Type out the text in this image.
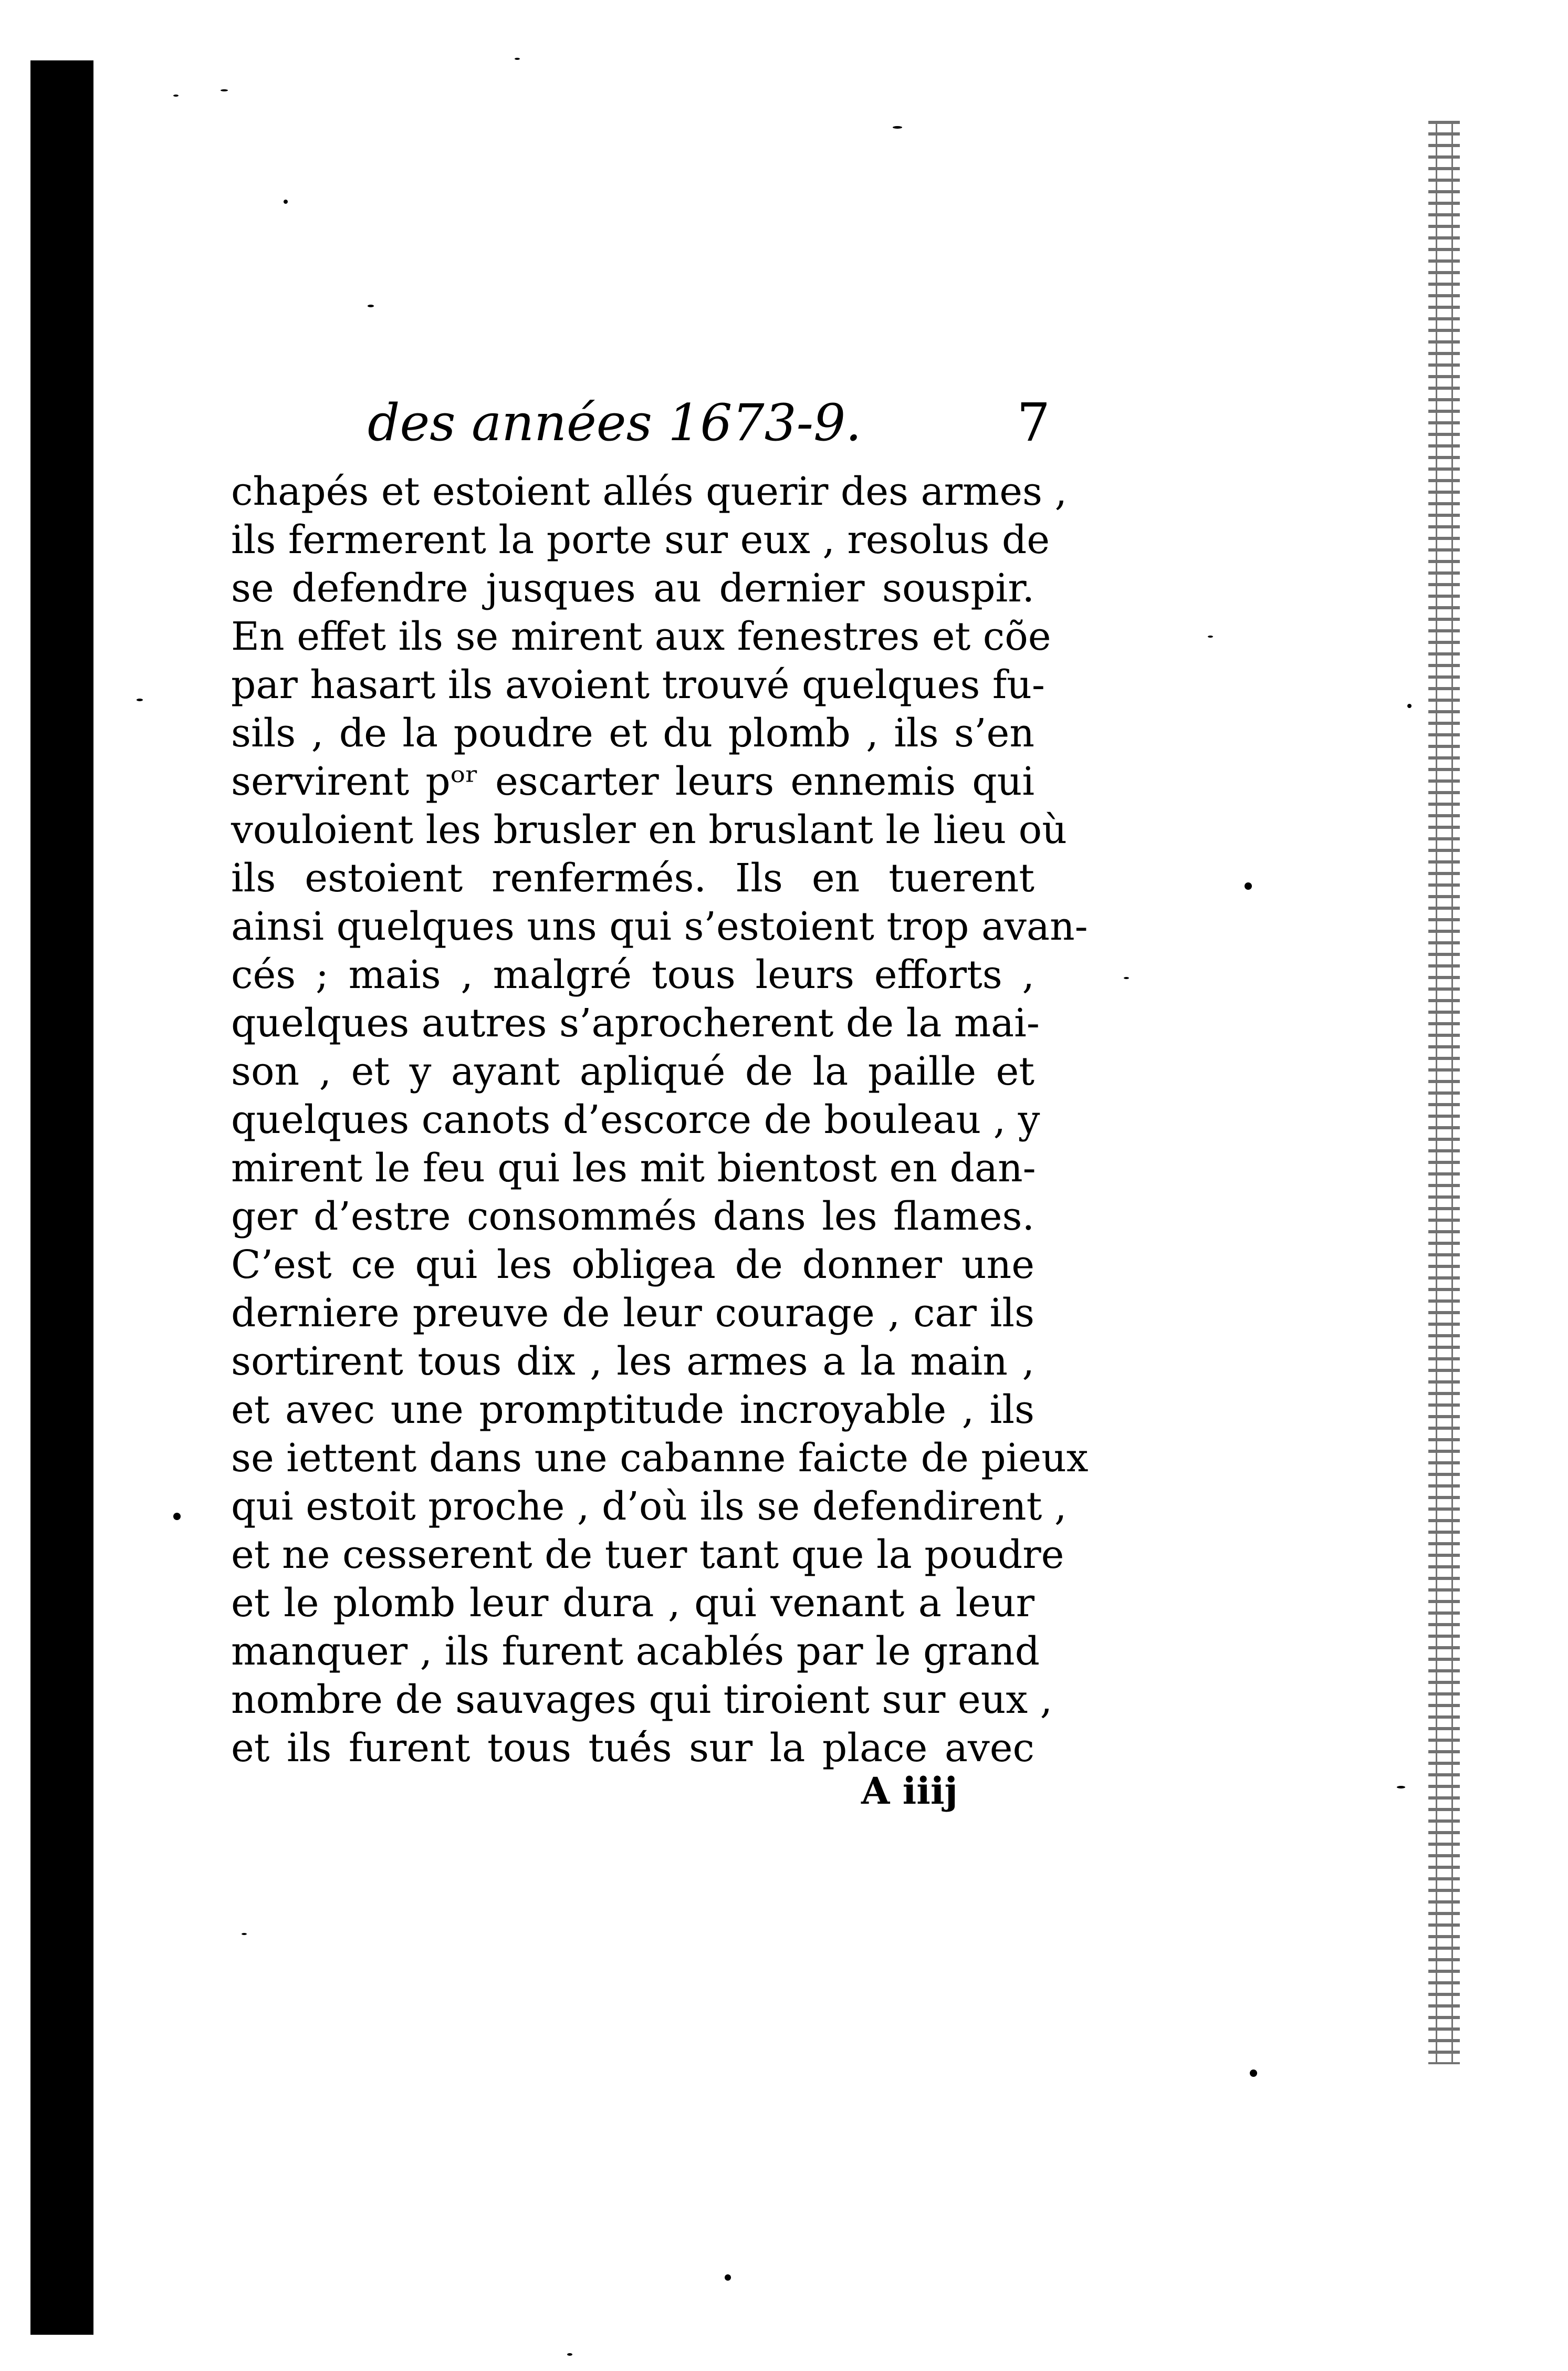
des années 1673-9.	7
chapés et estoient allés querir des armes ,
ils fermerent la porte sur eux , resolus de
se defendre jusques au dernier souspir.
En effet ils se mirent aux fenestres et cõe
par hasart ils avoient trouvé quelques fu-
sils , de la poudre et du plomb , ils s’en
servirent pᵒʳ escarter leurs ennemis qui
vouloient les brusler en bruslant le lieu où
ils estoient renfermés. Ils en tuerent
ainsi quelques uns qui s’estoient trop avan-
cés ; mais , malgré tous leurs efforts ,
quelques autres s’aprocherent de la mai-
son , et y ayant apliqué de la paille et
quelques canots d’escorce de bouleau , y
mirent le feu qui les mit bientost en dan-
ger d’estre consommés dans les flames.
C’est ce qui les obligea de donner une
derniere preuve de leur courage , car ils
sortirent tous dix , les armes a la main ,
et avec une promptitude incroyable , ils
se iettent dans une cabanne faicte de pieux
qui estoit proche , d’où ils se defendirent ,
et ne cesserent de tuer tant que la poudre
et le plomb leur dura , qui venant a leur
manquer , ils furent acablés par le grand
nombre de sauvages qui tiroient sur eux ,
et ils furent tous tués sur la place avec
A iiij
